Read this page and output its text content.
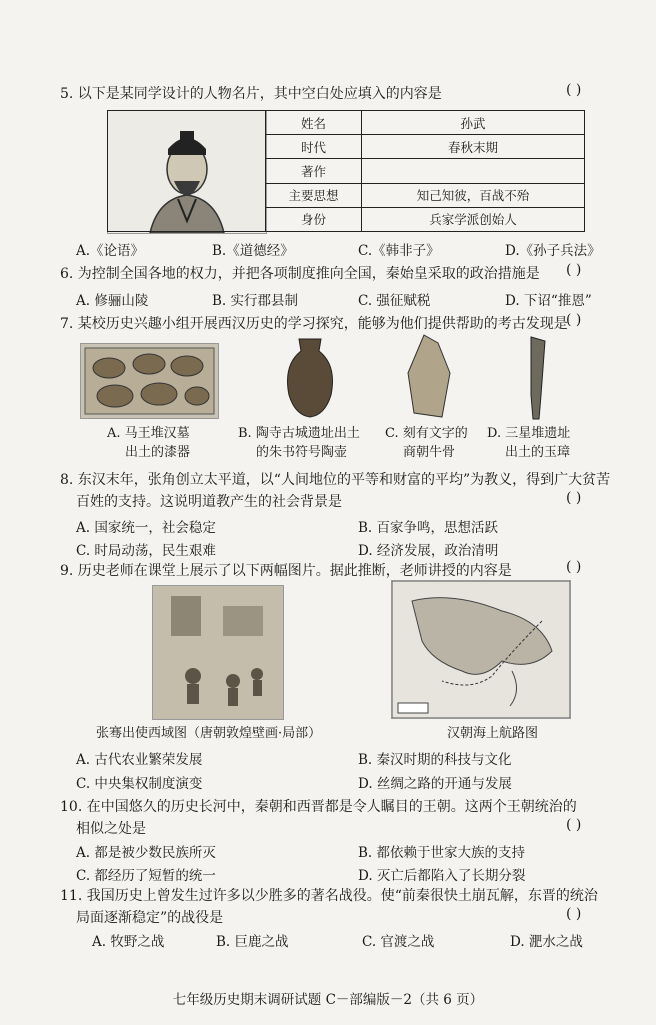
5. 以下是某同学设计的人物名片，其中空白处应填入的内容是	( )
	姓名	孙武
	时代	春秋末期
	著作	
	主要思想	知己知彼，百战不殆
	身份	兵家学派创始人
A.《论语》	B.《道德经》	C.《韩非子》	D.《孙子兵法》
6. 为控制全国各地的权力，并把各项制度推向全国，秦始皇采取的政治措施是 ( )
A. 修骊山陵	B. 实行郡县制	C. 强征赋税	D. 下诏“推恩”
7. 某校历史兴趣小组开展西汉历史的学习探究，能够为他们提供帮助的考古发现是
( )
A. 马王堆汉墓
出土的漆器
B. 陶寺古城遗址出土
的朱书符号陶壶
C. 刻有文字的
商朝牛骨
D. 三星堆遗址
出土的玉璋
8. 东汉末年，张角创立太平道，以“人间地位的平等和财富的平均”为教义，得到广大贫苦
百姓的支持。这说明道教产生的社会背景是	( )
A. 国家统一，社会稳定	B. 百家争鸣，思想活跃
C. 时局动荡，民生艰难	D. 经济发展，政治清明
9. 历史老师在课堂上展示了以下两幅图片。据此推断，老师讲授的内容是	( )
张骞出使西域图（唐朝敦煌壁画·局部）	汉朝海上航路图
A. 古代农业繁荣发展	B. 秦汉时期的科技与文化
C. 中央集权制度演变	D. 丝绸之路的开通与发展
10. 在中国悠久的历史长河中，秦朝和西晋都是令人瞩目的王朝。这两个王朝统治的
相似之处是	( )
A. 都是被少数民族所灭	B. 都依赖于世家大族的支持
C. 都经历了短暂的统一	D. 灭亡后都陷入了长期分裂
11. 我国历史上曾发生过许多以少胜多的著名战役。使“前秦很快土崩瓦解，东晋的统治
局面逐渐稳定”的战役是	( )
A. 牧野之战	B. 巨鹿之战	C. 官渡之战	D. 淝水之战
七年级历史期末调研试题 C－部编版－2（共 6 页）
